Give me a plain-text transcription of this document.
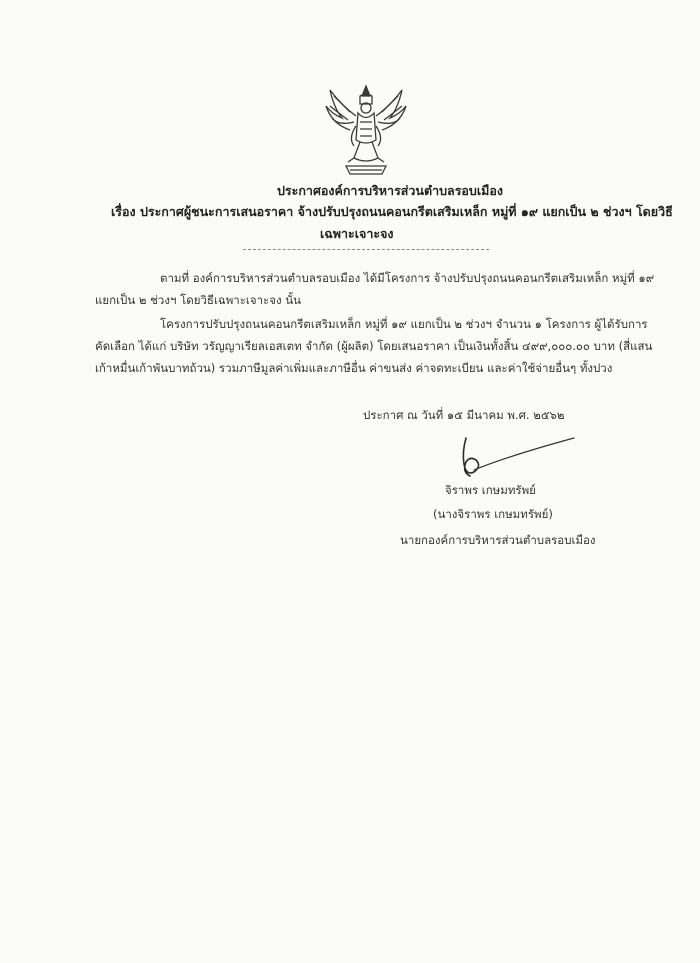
ประกาศองค์การบริหารส่วนตำบลรอบเมือง
เรื่อง ประกาศผู้ชนะการเสนอราคา จ้างปรับปรุงถนนคอนกรีตเสริมเหล็ก หมู่ที่ ๑๙ แยกเป็น ๒ ช่วงฯ โดยวิธี
เฉพาะเจาะจง
ตามที่ องค์การบริหารส่วนตำบลรอบเมือง ได้มีโครงการ จ้างปรับปรุงถนนคอนกรีตเสริมเหล็ก หมู่ที่ ๑๙
แยกเป็น ๒ ช่วงฯ โดยวิธีเฉพาะเจาะจง นั้น
โครงการปรับปรุงถนนคอนกรีตเสริมเหล็ก หมู่ที่ ๑๙ แยกเป็น ๒ ช่วงฯ จำนวน ๑ โครงการ ผู้ได้รับการ
คัดเลือก ได้แก่ บริษัท วรัญญาเรียลเอสเตท จำกัด (ผู้ผลิต) โดยเสนอราคา เป็นเงินทั้งสิ้น ๔๙๙,๐๐๐.๐๐ บาท (สี่แสน
เก้าหมื่นเก้าพันบาทถ้วน) รวมภาษีมูลค่าเพิ่มและภาษีอื่น ค่าขนส่ง ค่าจดทะเบียน และค่าใช้จ่ายอื่นๆ ทั้งปวง
ประกาศ ณ วันที่ ๑๕ มีนาคม พ.ศ. ๒๕๖๒
จิราพร เกษมทรัพย์
(นางจิราพร เกษมทรัพย์)
นายกองค์การบริหารส่วนตำบลรอบเมือง
